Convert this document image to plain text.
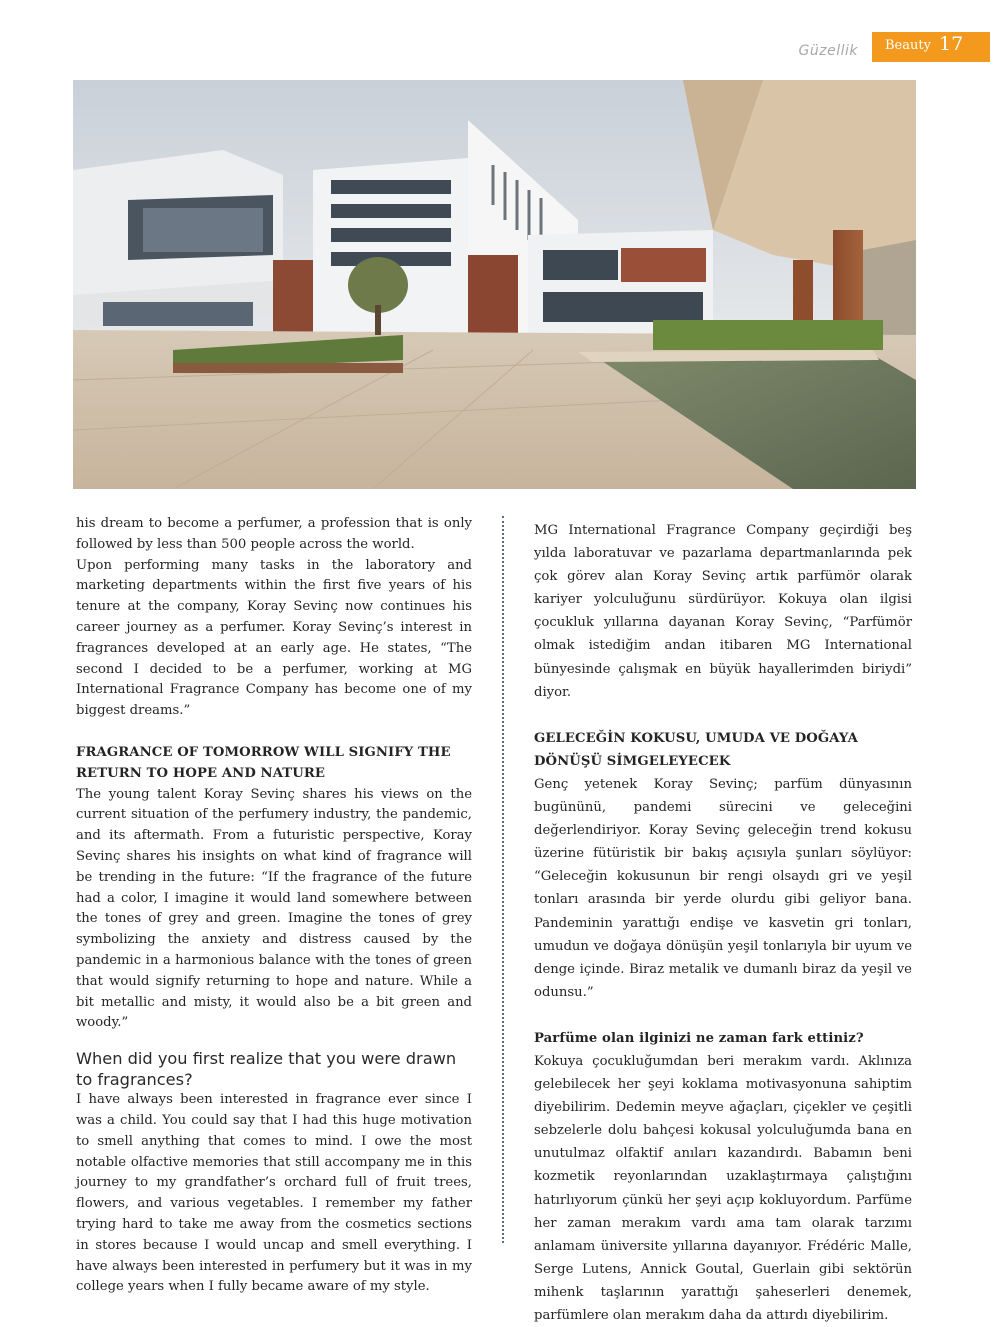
Güzellik Beauty 17

his dream to become a perfumer, a profession that is only followed by less than 500 people across the world.

Upon performing many tasks in the laboratory and marketing departments within the first five years of his tenure at the company, Koray Sevinç now continues his career journey as a perfumer. Koray Sevinç’s interest in fragrances developed at an early age. He states, “The second I decided to be a perfumer, working at MG International Fragrance Company has become one of my biggest dreams.”

FRAGRANCE OF TOMORROW WILL SIGNIFY THE RETURN TO HOPE AND NATURE

The young talent Koray Sevinç shares his views on the current situation of the perfumery industry, the pandemic, and its aftermath. From a futuristic perspective, Koray Sevinç shares his insights on what kind of fragrance will be trending in the future: “If the fragrance of the future had a color, I imagine it would land somewhere between the tones of grey and green. Imagine the tones of grey symbolizing the anxiety and distress caused by the pandemic in a harmonious balance with the tones of green that would signify returning to hope and nature. While a bit metallic and misty, it would also be a bit green and woody.”

When did you first realize that you were drawn to fragrances?

I have always been interested in fragrance ever since I was a child. You could say that I had this huge motivation to smell anything that comes to mind. I owe the most notable olfactive memories that still accompany me in this journey to my grandfather’s orchard full of fruit trees, flowers, and various vegetables. I remember my father trying hard to take me away from the cosmetics sections in stores because I would uncap and smell everything. I have always been interested in perfumery but it was in my college years when I fully became aware of my style.

MG International Fragrance Company geçirdiği beş yılda laboratuvar ve pazarlama departmanlarında pek çok görev alan Koray Sevinç artık parfümör olarak kariyer yolculuğunu sürdürüyor. Kokuya olan ilgisi çocukluk yıllarına dayanan Koray Sevinç, “Parfümör olmak istediğim andan itibaren MG International bünyesinde çalışmak en büyük hayallerimden biriydi” diyor.

GELECEĞİN KOKUSU, UMUDA VE DOĞAYA DÖNÜŞÜ SİMGELEYECEK

Genç yetenek Koray Sevinç; parfüm dünyasının bugününü, pandemi sürecini ve geleceğini değerlendiriyor. Koray Sevinç geleceğin trend kokusu üzerine fütüristik bir bakış açısıyla şunları söylüyor: “Geleceğin kokusunun bir rengi olsaydı gri ve yeşil tonları arasında bir yerde olurdu gibi geliyor bana. Pandeminin yarattığı endişe ve kasvetin gri tonları, umudun ve doğaya dönüşün yeşil tonlarıyla bir uyum ve denge içinde. Biraz metalik ve dumanlı biraz da yeşil ve odunsu.”

Parfüme olan ilginizi ne zaman fark ettiniz?

Kokuya çocukluğumdan beri merakım vardı. Aklınıza gelebilecek her şeyi koklama motivasyonuna sahiptim diyebilirim. Dedemin meyve ağaçları, çiçekler ve çeşitli sebzelerle dolu bahçesi kokusal yolculuğumda bana en unutulmaz olfaktif anıları kazandırdı. Babamın beni kozmetik reyonlarından uzaklaştırmaya çalıştığını hatırlıyorum çünkü her şeyi açıp kokluyordum. Parfüme her zaman merakım vardı ama tam olarak tarzımı anlamam üniversite yıllarına dayanıyor. Frédéric Malle, Serge Lutens, Annick Goutal, Guerlain gibi sektörün mihenk taşlarının yarattığı şaheserleri denemek, parfümlere olan merakım daha da attırdı diyebilirim.
